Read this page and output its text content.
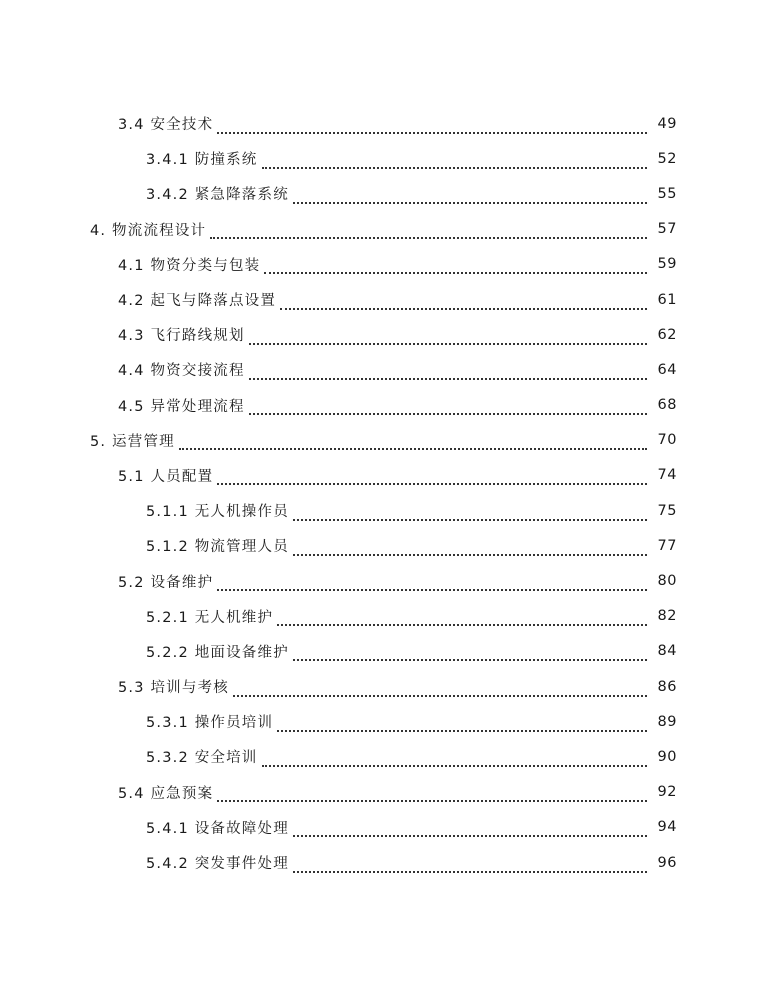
3.4 安全技术	49
3.4.1 防撞系统	52
3.4.2 紧急降落系统	55
4. 物流流程设计	57
4.1 物资分类与包装	59
4.2 起飞与降落点设置	61
4.3 飞行路线规划	62
4.4 物资交接流程	64
4.5 异常处理流程	68
5. 运营管理	70
5.1 人员配置	74
5.1.1 无人机操作员	75
5.1.2 物流管理人员	77
5.2 设备维护	80
5.2.1 无人机维护	82
5.2.2 地面设备维护	84
5.3 培训与考核	86
5.3.1 操作员培训	89
5.3.2 安全培训	90
5.4 应急预案	92
5.4.1 设备故障处理	94
5.4.2 突发事件处理	96
